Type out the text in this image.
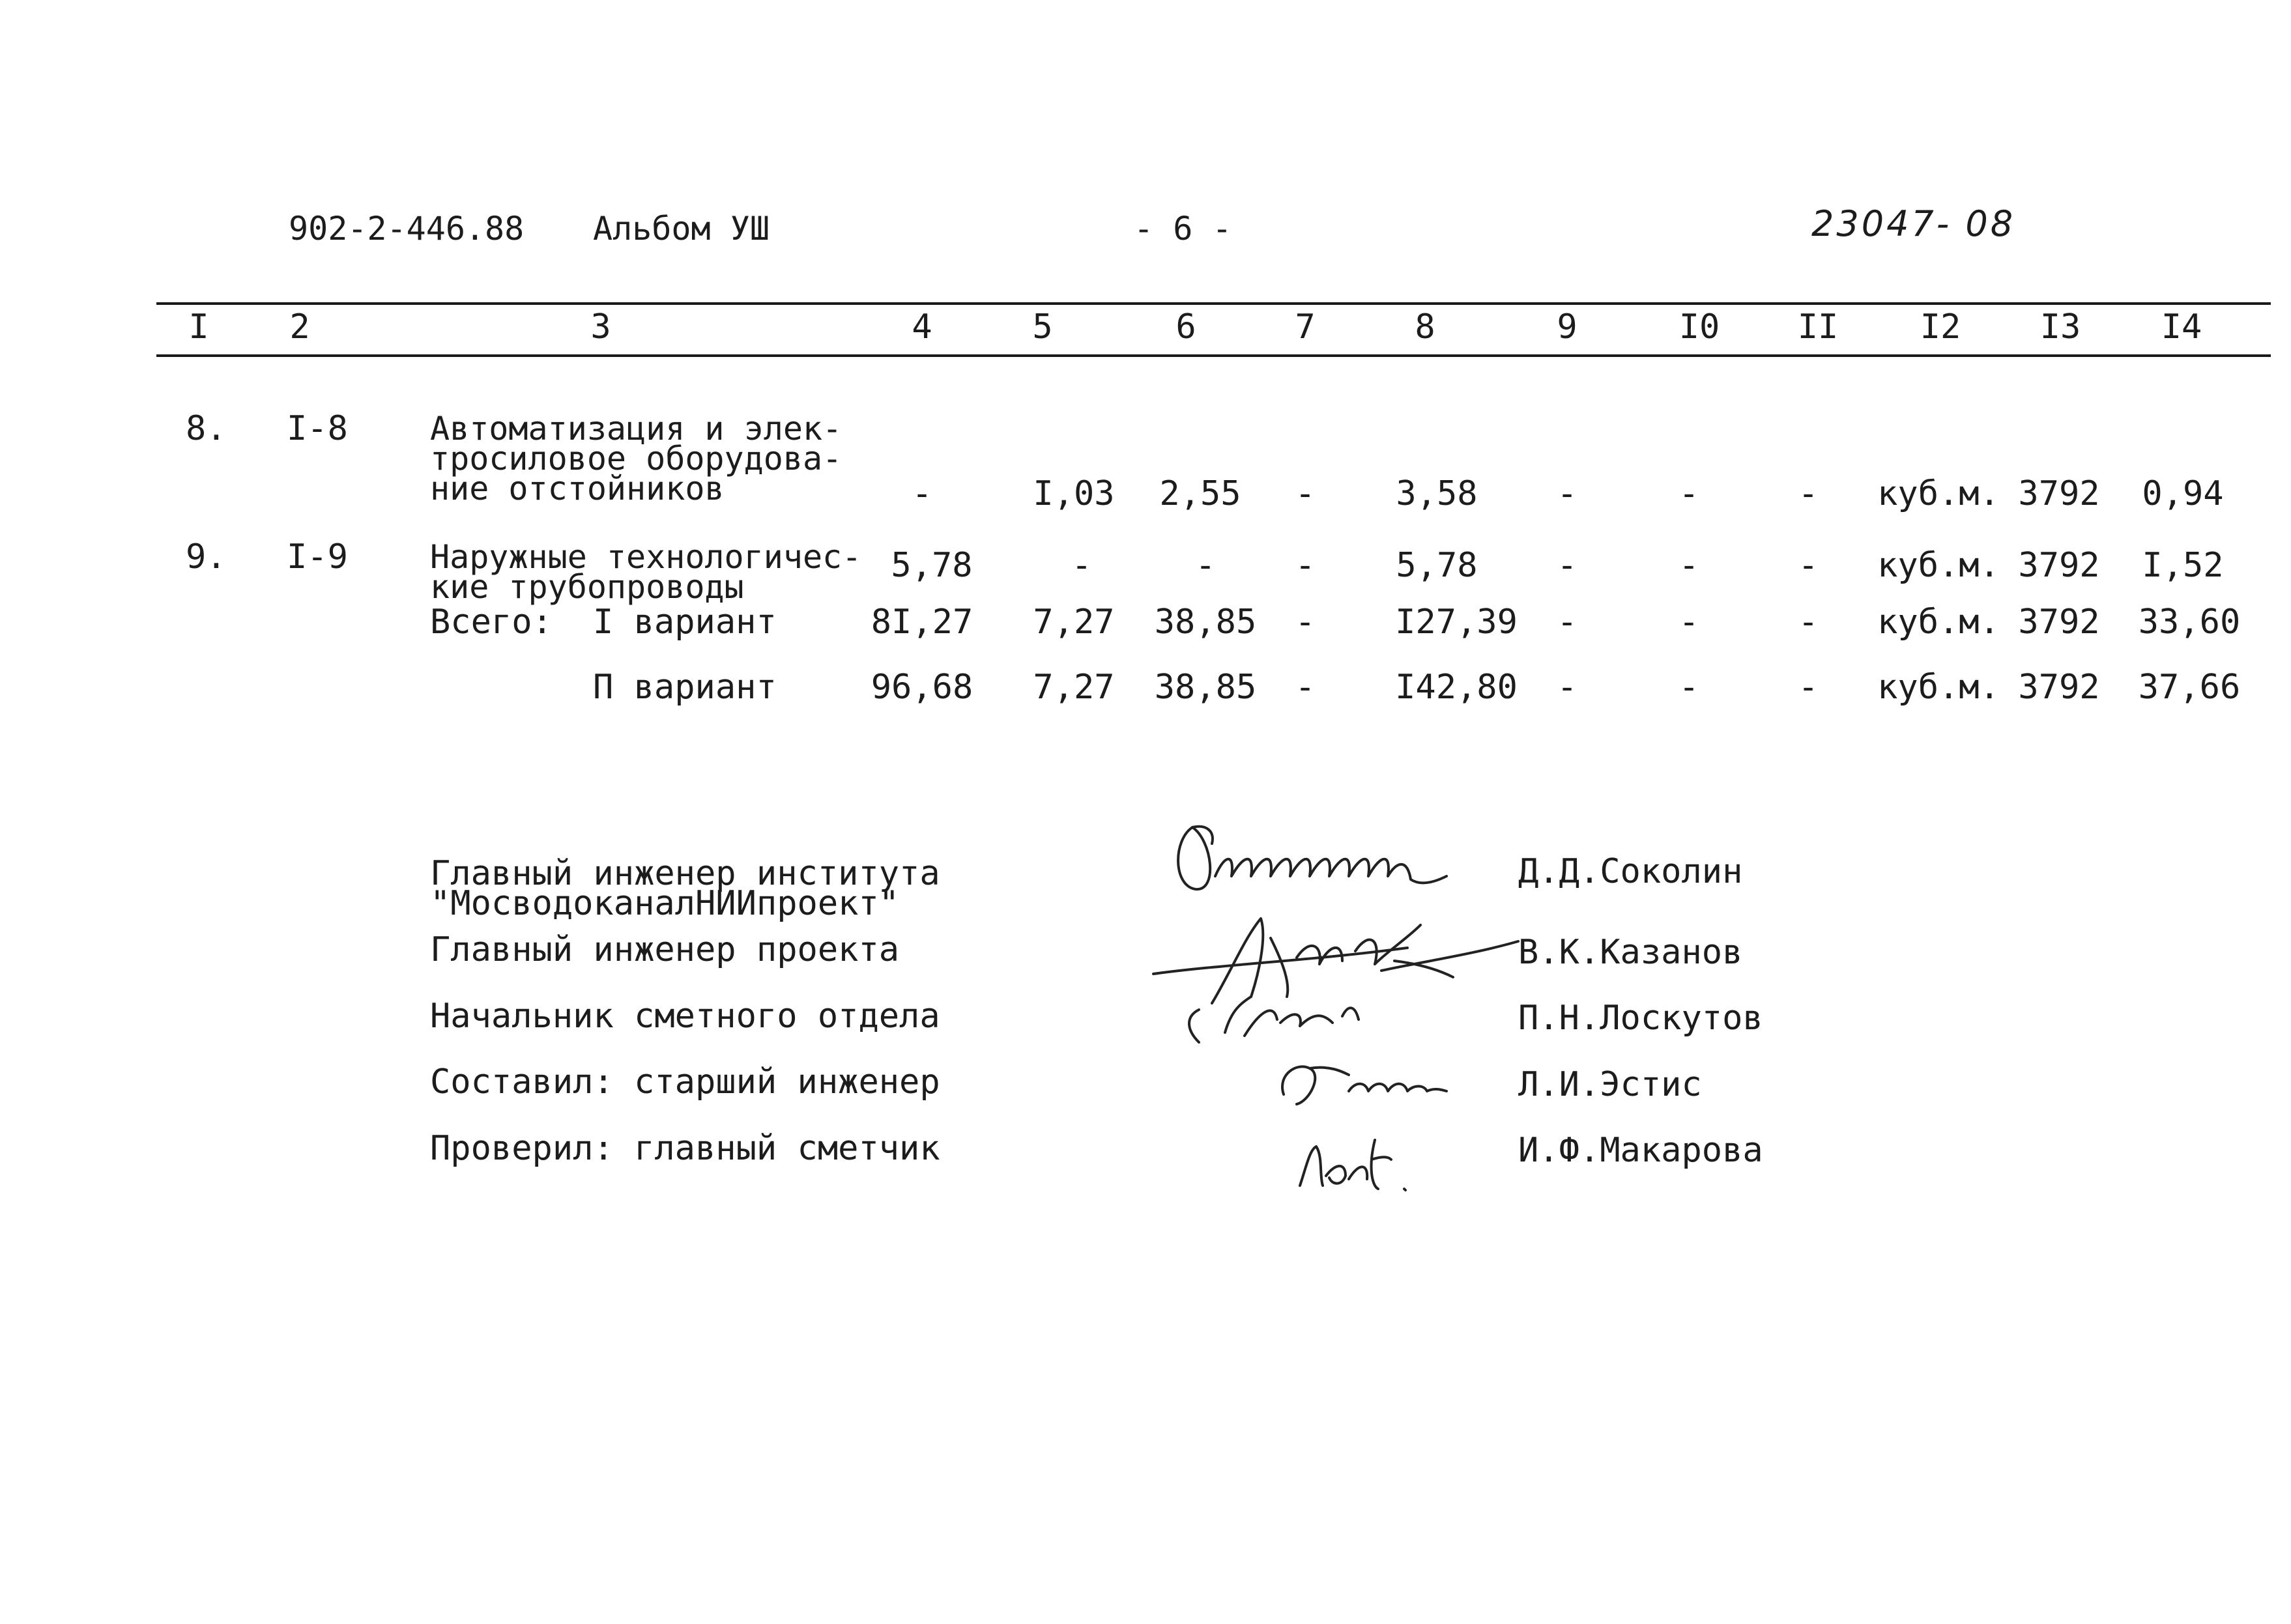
902-2-446.88 Альбом УШ	- 6 -	23047- 08
I 2	3	4	5	6	7	8	9	I0 II I2 I3 I4
8. I-8	Автоматизация и элек-
тросиловое оборудова-
ние отстойников	-	I,03 2,55 - 3,58 -	-	- куб.м. 3792 0,94
9. I-9	Наружные технологичес-
кие трубопроводы
5,78	-	- - 5,78 -	-	- куб.м. 3792 I,52
Всего: I вариант	8I,27 7,27 38,85 - I27,39 -	-	- куб.м. 3792 33,60
П вариант	96,68 7,27 38,85 - I42,80 -	-	- куб.м. 3792 37,66
Главный инженер института
"МосводоканалНИИпроект"
Главный инженер проекта
Начальник сметного отдела
Составил: старший инженер
Проверил: главный сметчик
Д.Д.Соколин
В.К.Казанов
П.Н.Лоскутов
Л.И.Эстис
И.Ф.Макарова
